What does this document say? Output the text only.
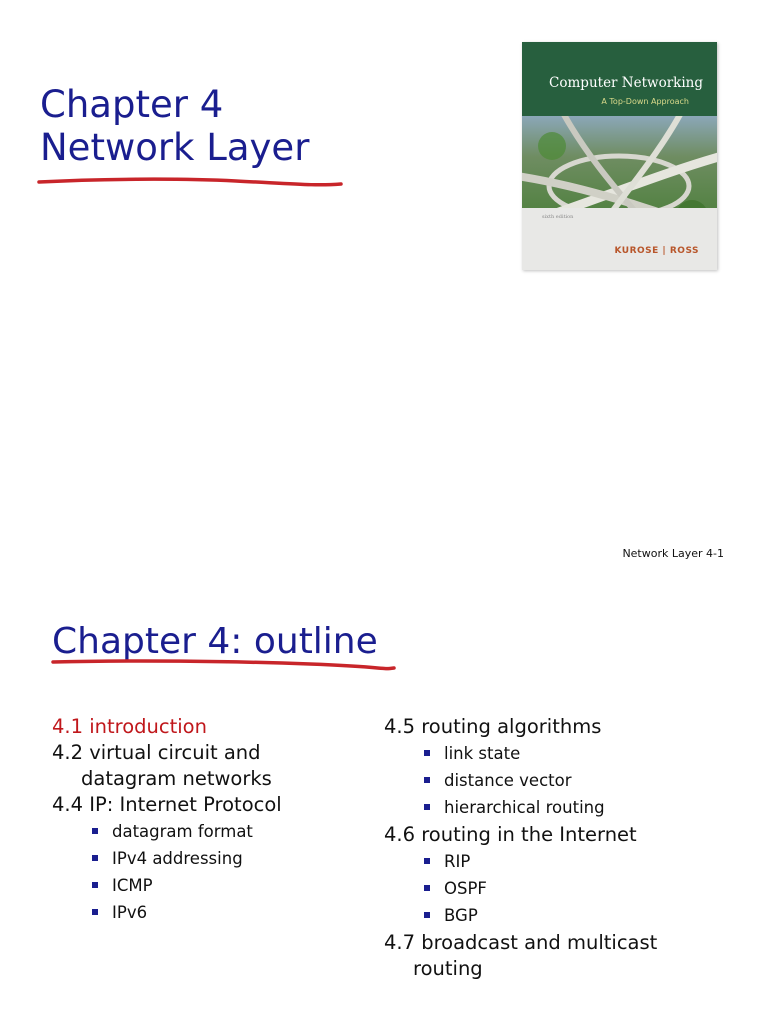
Chapter 4
Network Layer
Computer Networking
A Top-Down Approach
sixth edition
KUROSE | ROSS
Network Layer 4-1
Chapter 4: outline
4.1 introduction
4.2 virtual circuit and
datagram networks
4.4 IP: Internet Protocol
datagram format
IPv4 addressing
ICMP
IPv6
4.5 routing algorithms
link state
distance vector
hierarchical routing
4.6 routing in the Internet
RIP
OSPF
BGP
4.7 broadcast and multicast
routing
